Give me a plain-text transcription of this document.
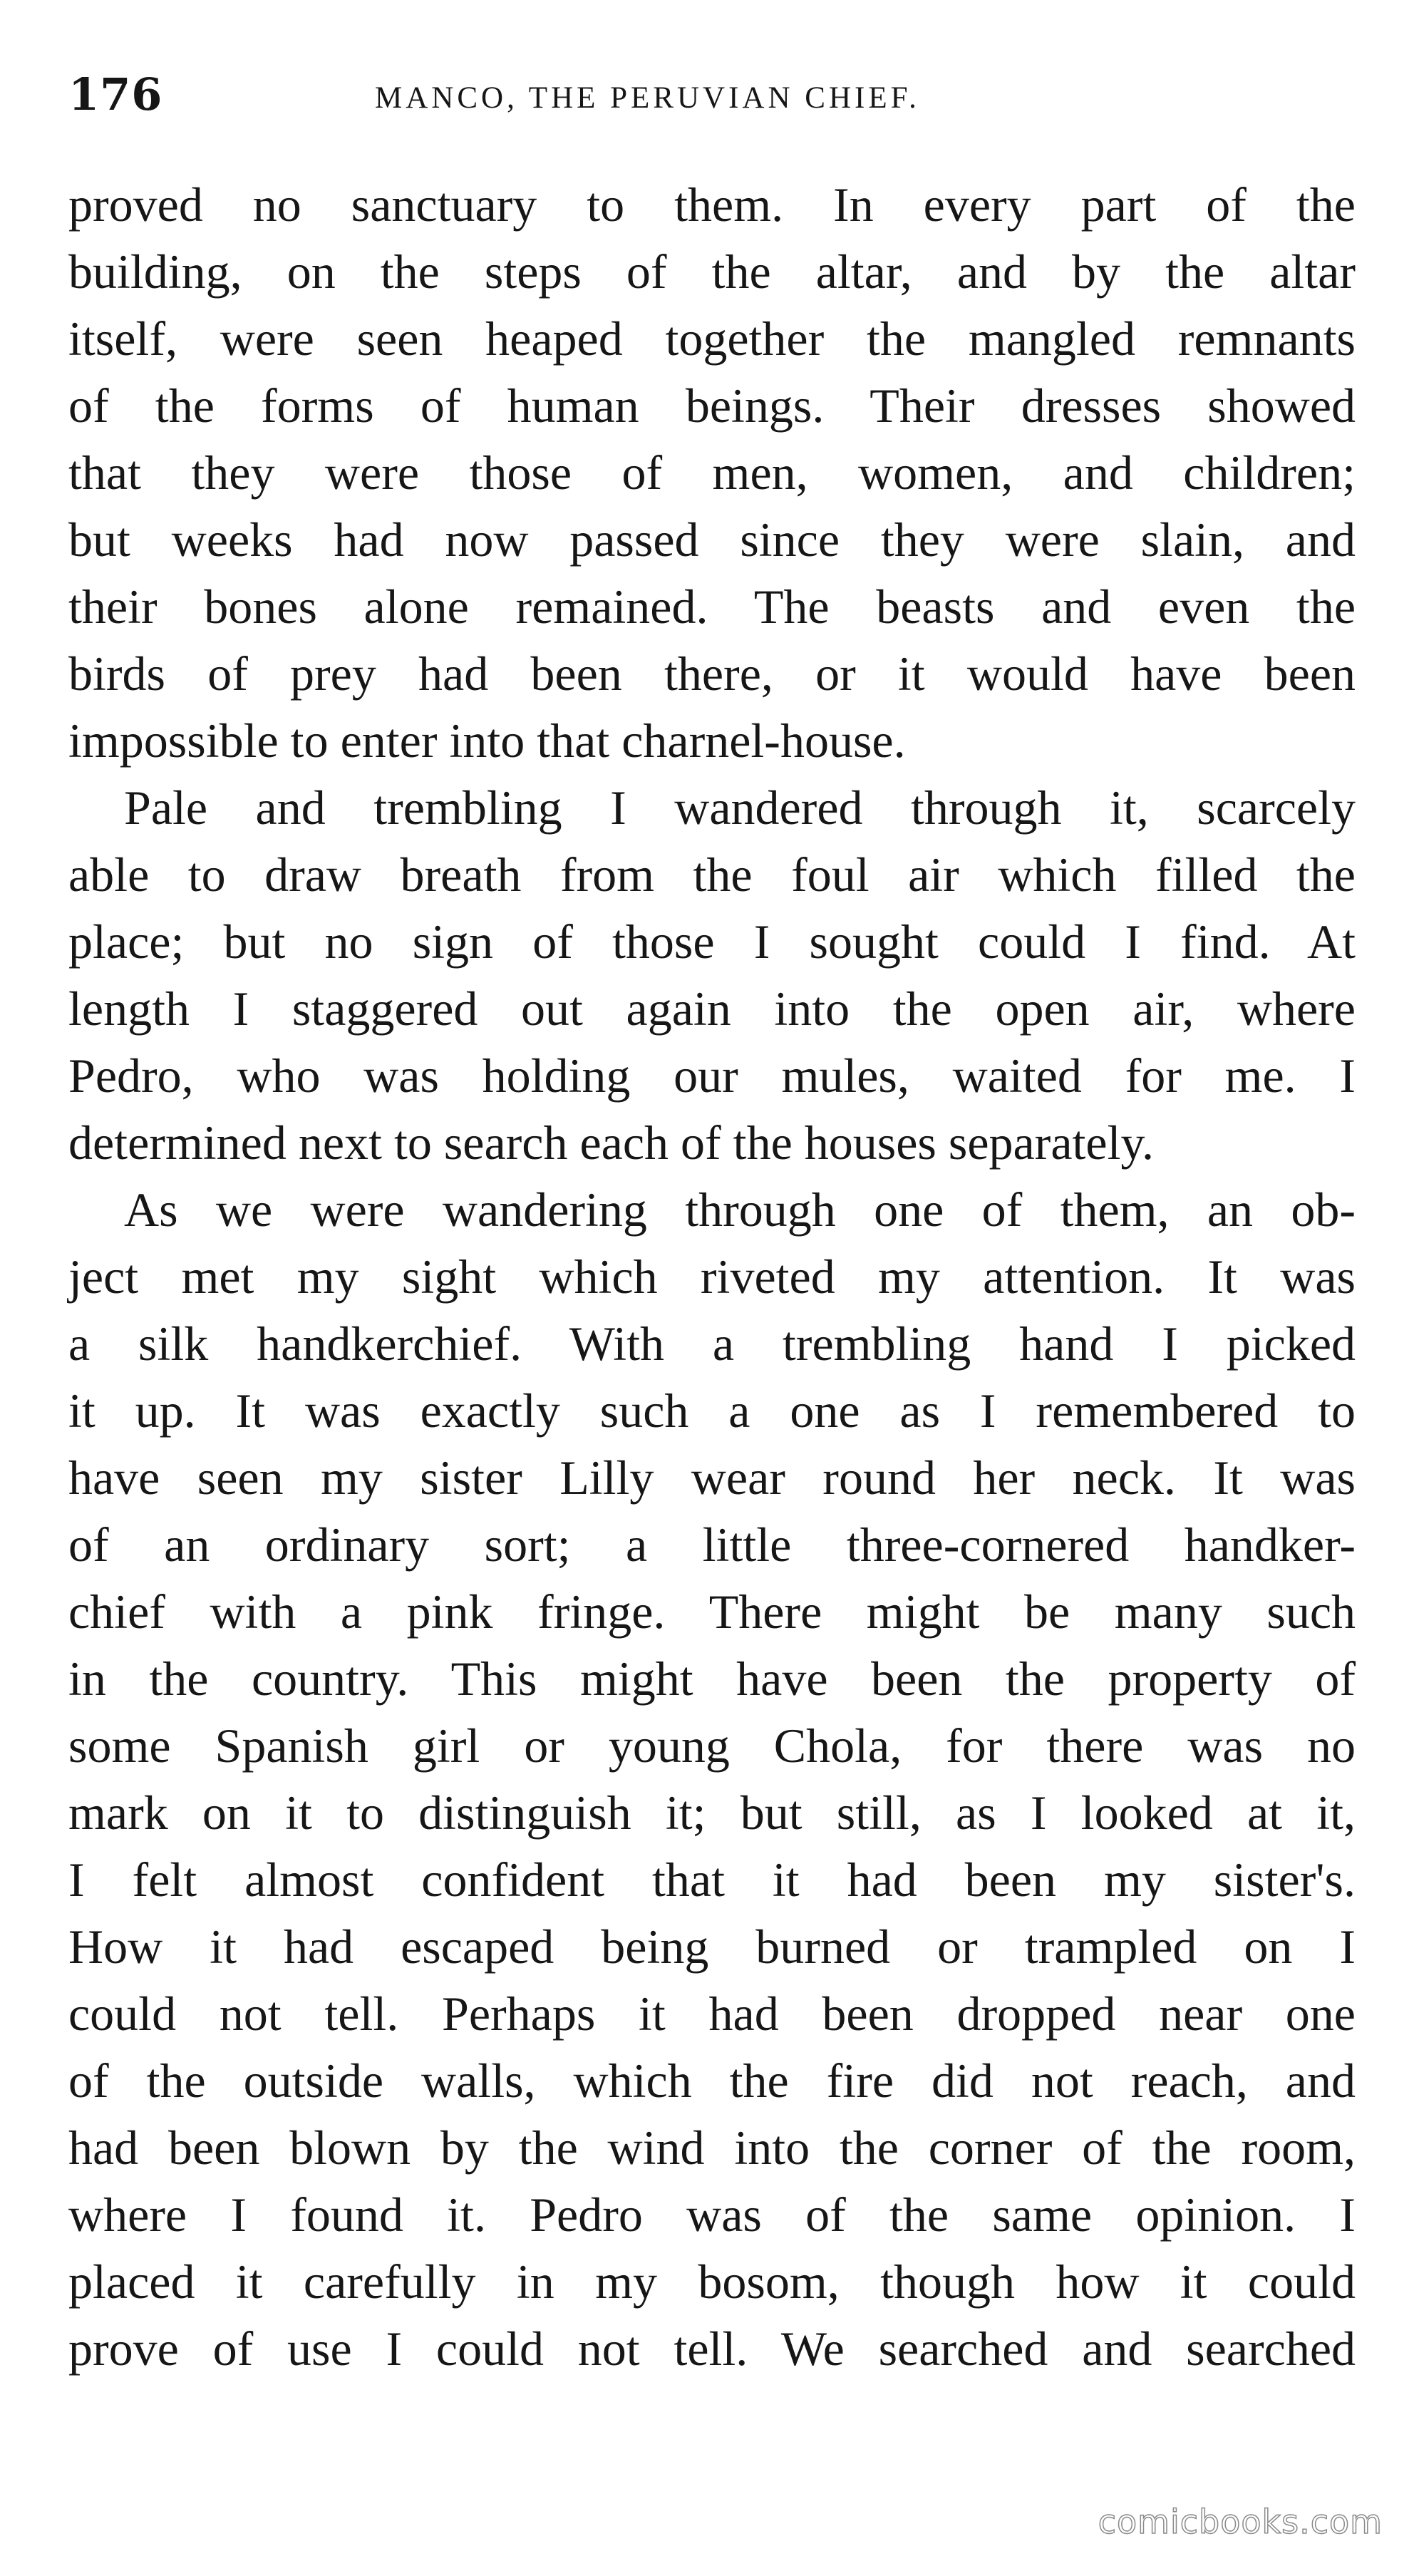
176	MANCO, THE PERUVIAN CHIEF.
proved no sanctuary to them. In every part of the
building, on the steps of the altar, and by the altar
itself, were seen heaped together the mangled remnants
of the forms of human beings. Their dresses showed
that they were those of men, women, and children;
but weeks had now passed since they were slain, and
their bones alone remained. The beasts and even the
birds of prey had been there, or it would have been
impossible to enter into that charnel-house.
Pale and trembling I wandered through it, scarcely
able to draw breath from the foul air which filled the
place; but no sign of those I sought could I find. At
length I staggered out again into the open air, where
Pedro, who was holding our mules, waited for me. I
determined next to search each of the houses separately.
As we were wandering through one of them, an ob-
ject met my sight which riveted my attention. It was
a silk handkerchief. With a trembling hand I picked
it up. It was exactly such a one as I remembered to
have seen my sister Lilly wear round her neck. It was
of an ordinary sort; a little three-cornered handker-
chief with a pink fringe. There might be many such
in the country. This might have been the property of
some Spanish girl or young Chola, for there was no
mark on it to distinguish it; but still, as I looked at it,
I felt almost confident that it had been my sister's.
How it had escaped being burned or trampled on I
could not tell. Perhaps it had been dropped near one
of the outside walls, which the fire did not reach, and
had been blown by the wind into the corner of the room,
where I found it. Pedro was of the same opinion. I
placed it carefully in my bosom, though how it could
prove of use I could not tell. We searched and searched
comicbooks.com
